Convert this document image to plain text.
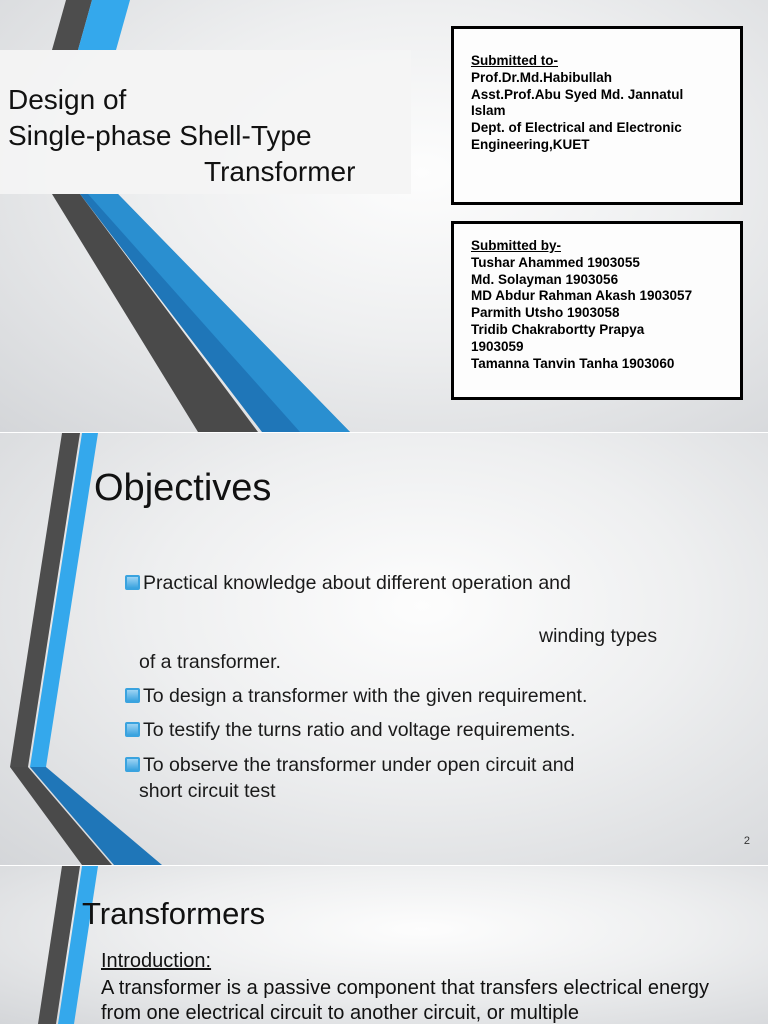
Design of
Single-phase Shell-Type
Transformer
Submitted to-
Prof.Dr.Md.Habibullah
Asst.Prof.Abu Syed Md. Jannatul
Islam
Dept. of Electrical and Electronic
Engineering,KUET
Submitted by-
Tushar Ahammed 1903055
Md. Solayman 1903056
MD Abdur Rahman Akash 1903057
Parmith Utsho 1903058
Tridib Chakrabortty Prapya
1903059
Tamanna Tanvin Tanha 1903060
Objectives
Practical knowledge about different operation and
winding types
of a transformer.
To design a transformer with the given requirement.
To testify the turns ratio and voltage requirements.
To observe the transformer under open circuit and
short circuit test
2
Transformers
Introduction:
A transformer is a passive component that transfers electrical energy from one electrical circuit to another circuit, or multiple
